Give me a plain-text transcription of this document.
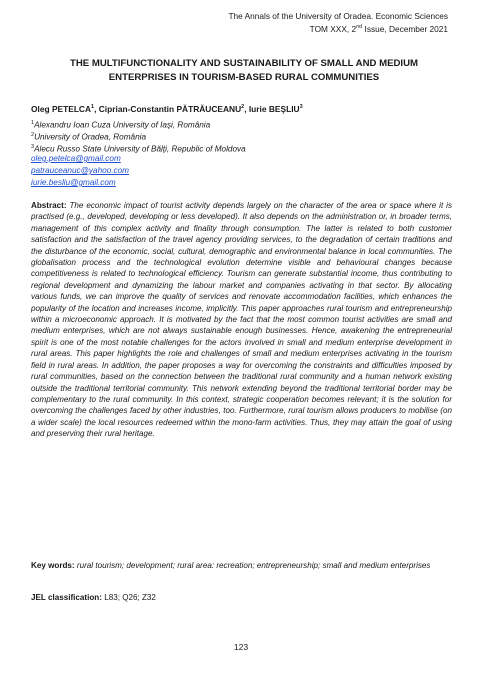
The Annals of the University of Oradea. Economic Sciences
TOM XXX, 2nd Issue, December 2021
THE MULTIFUNCTIONALITY AND SUSTAINABILITY OF SMALL AND MEDIUM ENTERPRISES IN TOURISM-BASED RURAL COMMUNITIES
Oleg PETELCA$^1$, Ciprian-Constantin PĂTRĂUCEANU$^2$, Iurie BEŞLIU$^3$
$^1$Alexandru Ioan Cuza University of Iaşi, România
$^2$University of Oradea, România
$^3$Alecu Russo State University of Bălţi, Republic of Moldova
oleg.petelca@gmail.com
patrauceanuc@yahoo.com
iurie.besliu@gmail.com
Abstract: The economic impact of tourist activity depends largely on the character of the area or space where it is practised (e.g., developed, developing or less developed). It also depends on the administration or, in broader terms, management of this complex activity and finality through consumption. The latter is related to both customer satisfaction and the satisfaction of the travel agency providing services, to the degradation of certain traditions and the disturbance of the economic, social, cultural, demographic and environmental balance in local communities. The globalisation process and the technological evolution determine visible and behavioural changes because competitiveness is related to technological efficiency. Tourism can generate substantial income, thus contributing to regional development and dynamizing the labour market and companies activating in that sector. By allocating various funds, we can improve the quality of services and renovate accommodation facilities, which enhances the popularity of the location and increases income, implicitly. This paper approaches rural tourism and entrepreneurship within a microeconomic approach. It is motivated by the fact that the most common tourist activities are small and medium enterprises, which are not always sustainable enough businesses. Hence, awakening the entrepreneurial spirit is one of the most notable challenges for the actors involved in small and medium enterprise development in rural areas. This paper highlights the role and challenges of small and medium enterprises activating in the tourism field in rural areas. In addition, the paper proposes a way for overcoming the constraints and difficulties imposed by rural communities, based on the connection between the traditional rural community and a human network existing outside the traditional territorial community. This network extending beyond the traditional territorial border may be complementary to the rural community. In this context, strategic cooperation becomes relevant; it is the solution for overcoming the challenges faced by other industries, too. Furthermore, rural tourism allows producers to mobilise (on a wider scale) the local resources redeemed within the mono-farm activities. Thus, they may attain the goal of using and preserving their rural heritage.
Key words: rural tourism; development; rural area: recreation; entrepreneurship; small and medium enterprises
JEL classification: L83; Q26; Z32
123
